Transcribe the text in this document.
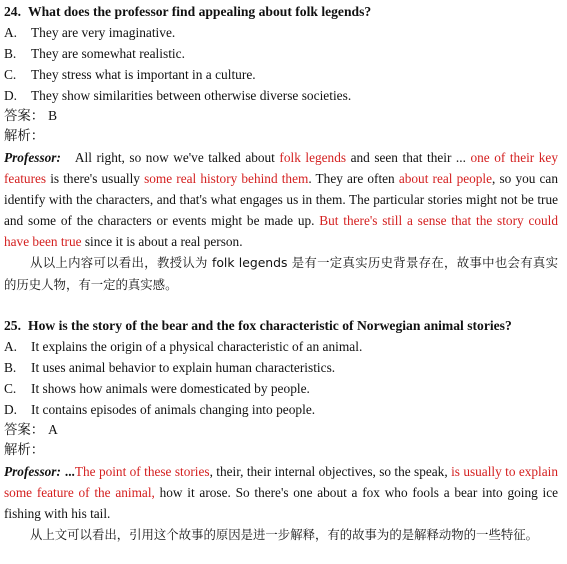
24. What does the professor find appealing about folk legends?
A. They are very imaginative.
B. They are somewhat realistic.
C. They stress what is important in a culture.
D. They show similarities between otherwise diverse societies.
答案： B
解析：
Professor: All right, so now we've talked about folk legends and seen that their ... one of their key features is there's usually some real history behind them. They are often about real people, so you can identify with the characters, and that's what engages us in them. The particular stories might not be true and some of the characters or events might be made up. But there's still a sense that the story could have been true since it is about a real person.
从以上内容可以看出，教授认为 folk legends 是有一定真实历史背景存在，故事中也会有真实的历史人物，有一定的真实感。
25. How is the story of the bear and the fox characteristic of Norwegian animal stories?
A. It explains the origin of a physical characteristic of an animal.
B. It uses animal behavior to explain human characteristics.
C. It shows how animals were domesticated by people.
D. It contains episodes of animals changing into people.
答案： A
解析：
Professor: ...The point of these stories, their, their internal objectives, so the speak, is usually to explain some feature of the animal, how it arose. So there's one about a fox who fools a bear into going ice fishing with his tail.
从上文可以看出，引用这个故事的原因是进一步解释，有的故事为的是解释动物的一些特征。
